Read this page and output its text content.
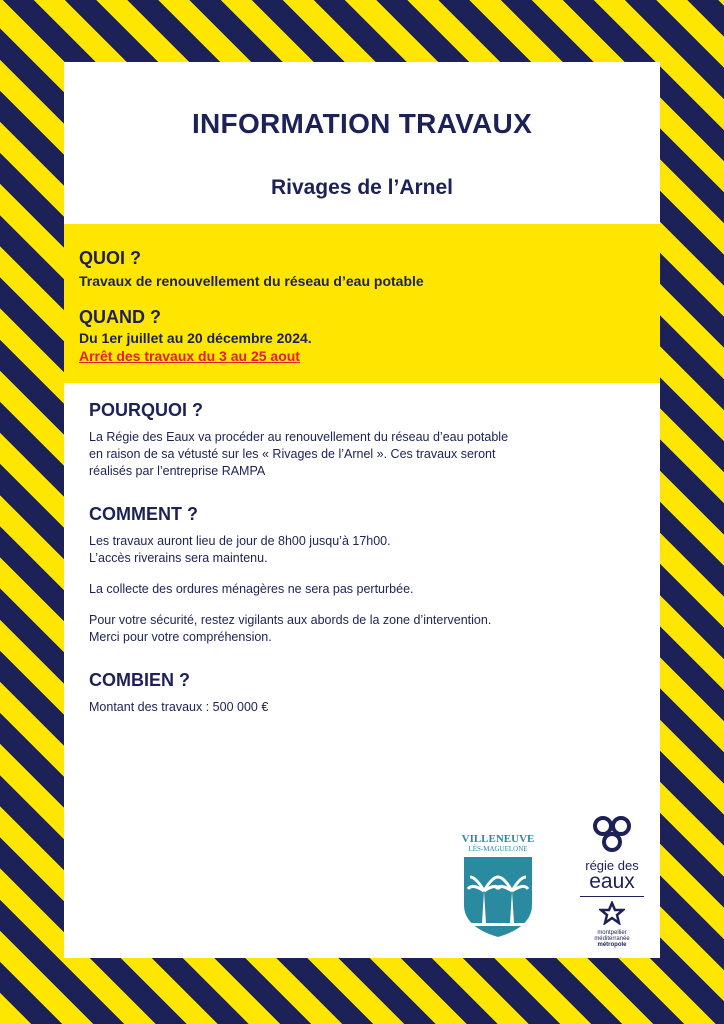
INFORMATION TRAVAUX
Rivages de l’Arnel

QUOI ?

Travaux de renouvellement du réseau d’eau potable

QUAND ?

Du 1er juillet au 20 décembre 2024.

Arrêt des travaux du 3 au 25 aout

POURQUOI ?

La Régie des Eaux va procéder au renouvellement du réseau d’eau potable

en raison de sa vétusté sur les « Rivages de l’Arnel ». Ces travaux seront

réalisés par l’entreprise RAMPA

COMMENT ?

Les travaux auront lieu de jour de 8h00 jusqu’à 17h00.

L’accès riverains sera maintenu.

La collecte des ordures ménagères ne sera pas perturbée.

Pour votre sécurité, restez vigilants aux abords de la zone d’intervention.

Merci pour votre compréhension.

COMBIEN ?

Montant des travaux : 500 000 €

VILLENEUVE
LÈS-MAGUELONE
régie des
eaux
montpellier
méditerranée
métropole
